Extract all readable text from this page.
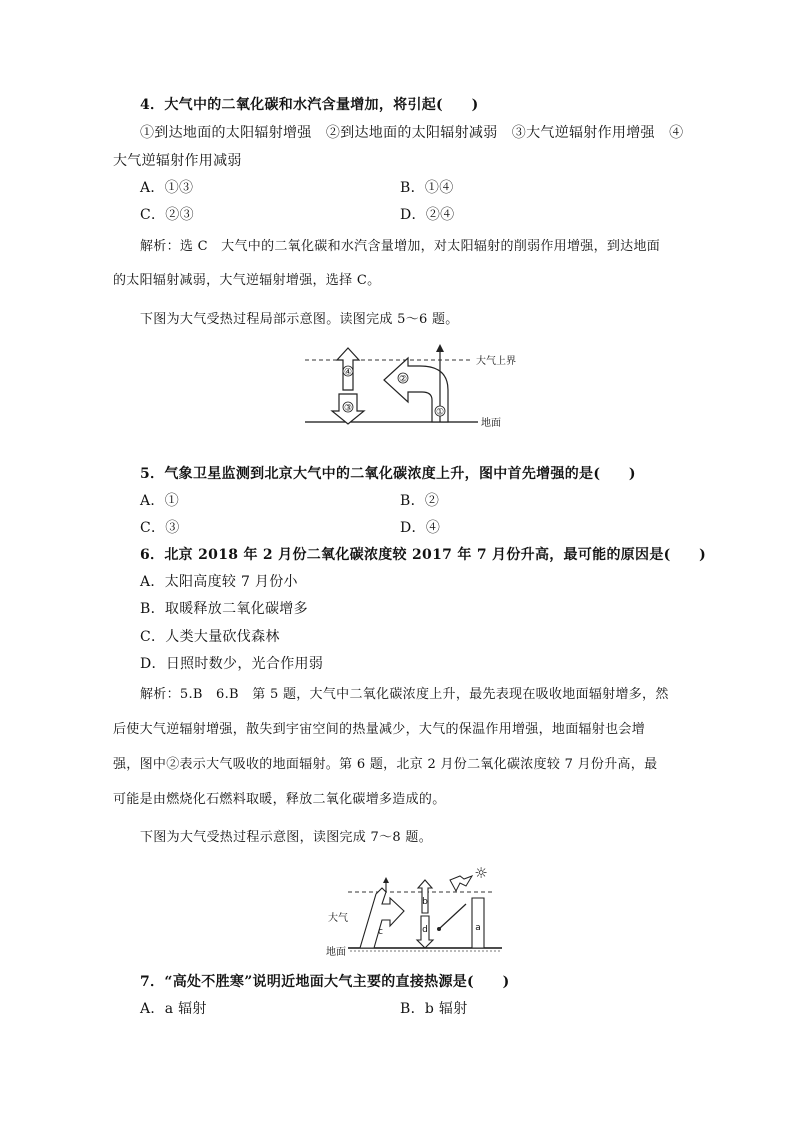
4．大气中的二氧化碳和水汽含量增加，将引起(　　)
①到达地面的太阳辐射增强　②到达地面的太阳辐射减弱　③大气逆辐射作用增强　④
大气逆辐射作用减弱
A．①③	B．①④
C．②③	D．②④
解析：选 C　大气中的二氧化碳和水汽含量增加，对太阳辐射的削弱作用增强，到达地面
的太阳辐射减弱，大气逆辐射增强，选择 C。
下图为大气受热过程局部示意图。读图完成 5～6 题。
大气上界
地面
④
③
②
①
5．气象卫星监测到北京大气中的二氧化碳浓度上升，图中首先增强的是(　　)
A．①	B．②
C．③	D．④
6．北京 2018 年 2 月份二氧化碳浓度较 2017 年 7 月份升高，最可能的原因是(　　)
A．太阳高度较 7 月份小
B．取暖释放二氧化碳增多
C．人类大量砍伐森林
D．日照时数少，光合作用弱
解析：5.B　6.B　第 5 题，大气中二氧化碳浓度上升，最先表现在吸收地面辐射增多，然
后使大气逆辐射增强，散失到宇宙空间的热量减少，大气的保温作用增强，地面辐射也会增
强，图中②表示大气吸收的地面辐射。第 6 题，北京 2 月份二氧化碳浓度较 7 月份升高，最
可能是由燃烧化石燃料取暖，释放二氧化碳增多造成的。
下图为大气受热过程示意图，读图完成 7～8 题。
大气
地面
☼
c
b
d	a
7．“高处不胜寒”说明近地面大气主要的直接热源是(　　)
A．a 辐射	B．b 辐射
